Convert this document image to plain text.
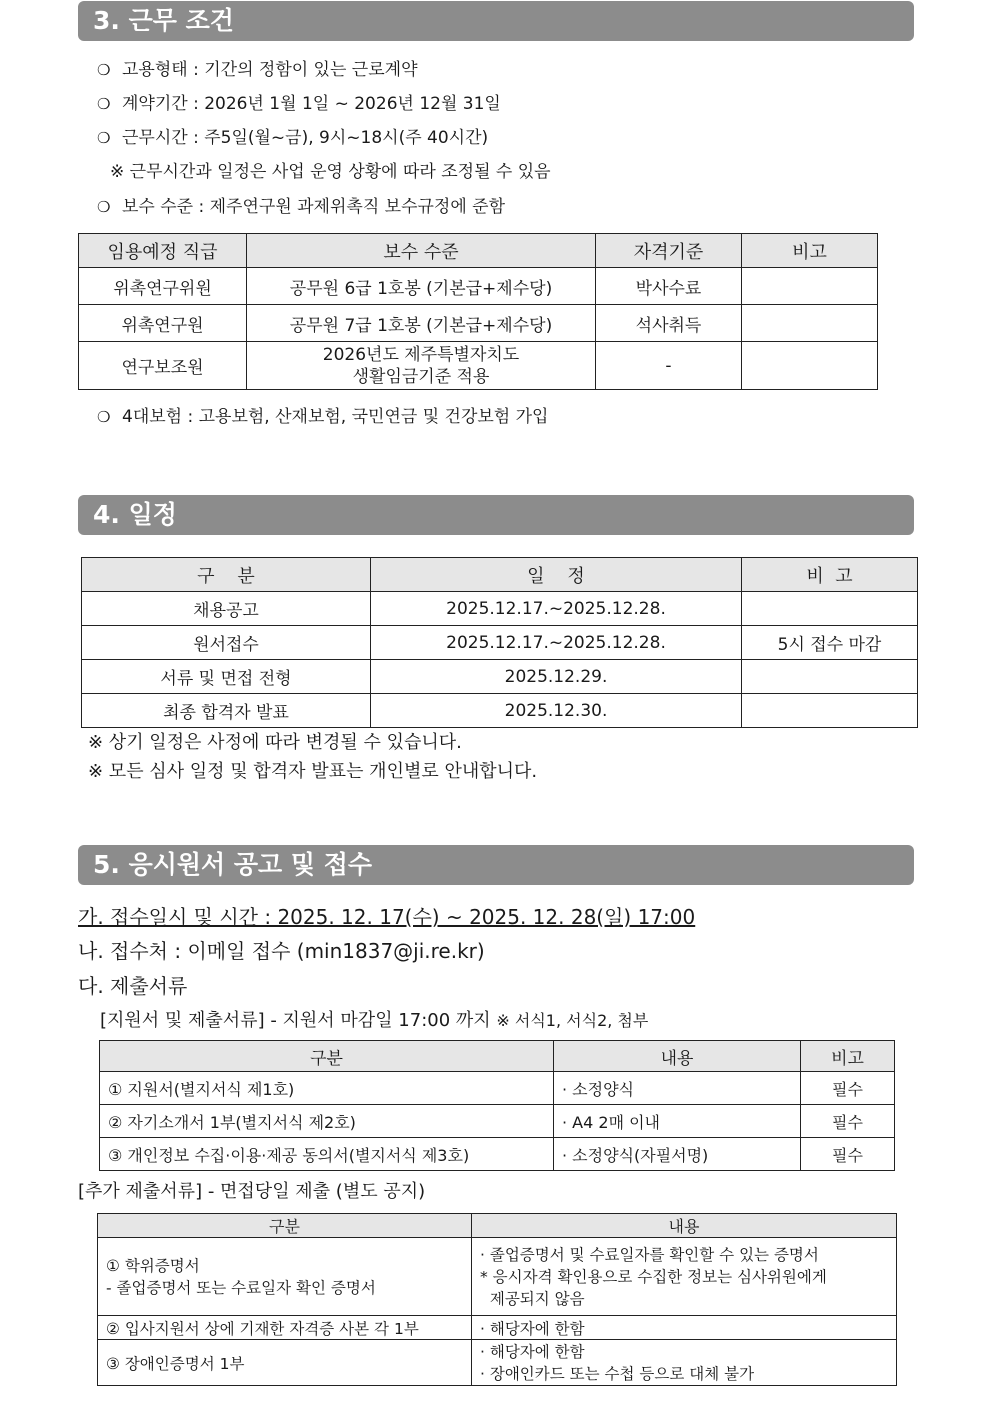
3. 근무 조건
❍ 고용형태 : 기간의 정함이 있는 근로계약
❍ 계약기간 : 2026년 1월 1일 ~ 2026년 12월 31일
❍ 근무시간 : 주5일(월~금), 9시~18시(주 40시간)
※ 근무시간과 일정은 사업 운영 상황에 따라 조정될 수 있음
❍ 보수 수준 : 제주연구원 과제위촉직 보수규정에 준함
임용예정 직급	보수 수준	자격기준	비고
위촉연구위원	공무원 6급 1호봉 (기본급+제수당)	박사수료	
위촉연구원	공무원 7급 1호봉 (기본급+제수당)	석사취득	
연구보조원	2026년도 제주특별자치도
생활임금기준 적용	-	
❍ 4대보험 : 고용보험, 산재보험, 국민연금 및 건강보험 가입
4. 일정
구    분	일    정	비  고
채용공고	2025.12.17.~2025.12.28.	
원서접수	2025.12.17.~2025.12.28.	5시 접수 마감
서류 및 면접 전형	2025.12.29.	
최종 합격자 발표	2025.12.30.	
※ 상기 일정은 사정에 따라 변경될 수 있습니다.
※ 모든 심사 일정 및 합격자 발표는 개인별로 안내합니다.
5. 응시원서 공고 및 접수
가. 접수일시 및 시간 : 2025. 12. 17(수) ~ 2025. 12. 28(일) 17:00
나. 접수처 : 이메일 접수 (min1837@ji.re.kr)
다. 제출서류
[지원서 및 제출서류] - 지원서 마감일 17:00 까지 ※ 서식1, 서식2, 첨부
구분	내용	비고
① 지원서(별지서식 제1호)	· 소정양식	필수
② 자기소개서 1부(별지서식 제2호)	· A4 2매 이내	필수
③ 개인정보 수집·이용·제공 동의서(별지서식 제3호)	· 소정양식(자필서명)	필수
[추가 제출서류] - 면접당일 제출 (별도 공지)
구분	내용
① 학위증명서
- 졸업증명서 또는 수료일자 확인 증명서	· 졸업증명서 및 수료일자를 확인할 수 있는 증명서
* 응시자격 확인용으로 수집한 정보는 심사위원에게
제공되지 않음
② 입사지원서 상에 기재한 자격증 사본 각 1부	· 해당자에 한함
③ 장애인증명서 1부	· 해당자에 한함
· 장애인카드 또는 수첩 등으로 대체 불가
